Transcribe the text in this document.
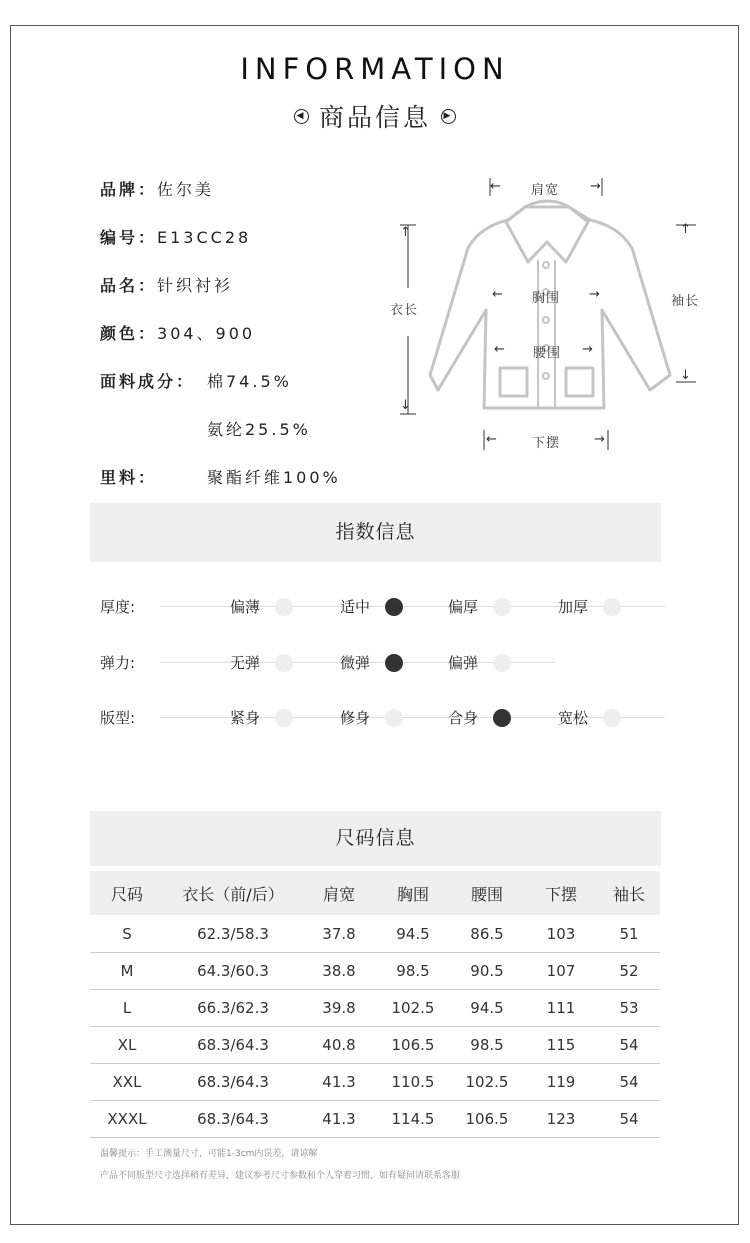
INFORMATION
◀ 商品信息 ▶
品牌：佐尔美
编号：E13CC28
品名：针织衬衫
颜色：304、900
面料成分： 棉74.5%
氨纶25.5%
里料：	聚酯纤维100%
← 肩宽 →
↑
衣长
↓
← 胸围 →
← 腰围 →
←	下摆	→
↑
袖长
↓
指数信息
厚度:	偏薄	适中	偏厚	加厚
弹力:	无弹	微弹	偏弹
版型:	紧身	修身	合身	宽松
尺码信息
尺码	衣长（前/后）	肩宽	胸围	腰围	下摆	袖长
S	62.3/58.3	37.8	94.5	86.5	103	51
M	64.3/60.3	38.8	98.5	90.5	107	52
L	66.3/62.3	39.8	102.5	94.5	111	53
XL	68.3/64.3	40.8	106.5	98.5	115	54
XXL	68.3/64.3	41.3	110.5	102.5	119	54
XXXL	68.3/64.3	41.3	114.5	106.5	123	54
温馨提示：手工测量尺寸，可能1-3cm内误差，请谅解
产品不同版型尺寸选择稍有差异，建议参考尺寸参数和个人穿着习惯，如有疑问请联系客服
